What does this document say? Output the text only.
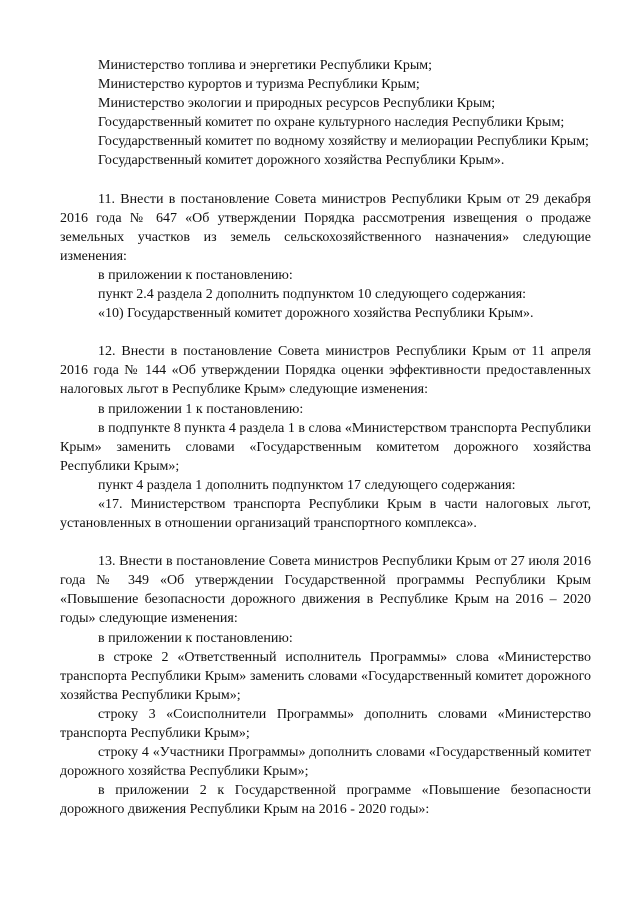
Министерство топлива и энергетики Республики Крым;

Министерство курортов и туризма Республики Крым;

Министерство экологии и природных ресурсов Республики Крым;

Государственный комитет по охране культурного наследия Республики Крым;

Государственный комитет по водному хозяйству и мелиорации Республики Крым;

Государственный комитет дорожного хозяйства Республики Крым».

11. Внести в постановление Совета министров Республики Крым от 29 декабря 2016 года № 647 «Об утверждении Порядка рассмотрения извещения о продаже земельных участков из земель сельскохозяйственного назначения» следующие изменения:

в приложении к постановлению:

пункт 2.4 раздела 2 дополнить подпунктом 10 следующего содержания:

«10) Государственный комитет дорожного хозяйства Республики Крым».

12. Внести в постановление Совета министров Республики Крым от 11 апреля 2016 года № 144 «Об утверждении Порядка оценки эффективности предоставленных налоговых льгот в Республике Крым» следующие изменения:

в приложении 1 к постановлению:

в подпункте 8 пункта 4 раздела 1 в слова «Министерством транспорта Республики Крым» заменить словами «Государственным комитетом дорожного хозяйства Республики Крым»;

пункт 4 раздела 1 дополнить подпунктом 17 следующего содержания:

«17. Министерством транспорта Республики Крым в части налоговых льгот, установленных в отношении организаций транспортного комплекса».

13. Внести в постановление Совета министров Республики Крым от 27 июля 2016 года № 349 «Об утверждении Государственной программы Республики Крым «Повышение безопасности дорожного движения в Республике Крым на 2016 – 2020 годы» следующие изменения:

в приложении к постановлению:

в строке 2 «Ответственный исполнитель Программы» слова «Министерство транспорта Республики Крым» заменить словами «Государственный комитет дорожного хозяйства Республики Крым»;

строку 3 «Соисполнители Программы» дополнить словами «Министерство транспорта Республики Крым»;

строку 4 «Участники Программы» дополнить словами «Государственный комитет дорожного хозяйства Республики Крым»;

в приложении 2 к Государственной программе «Повышение безопасности дорожного движения Республики Крым на 2016 - 2020 годы»:
